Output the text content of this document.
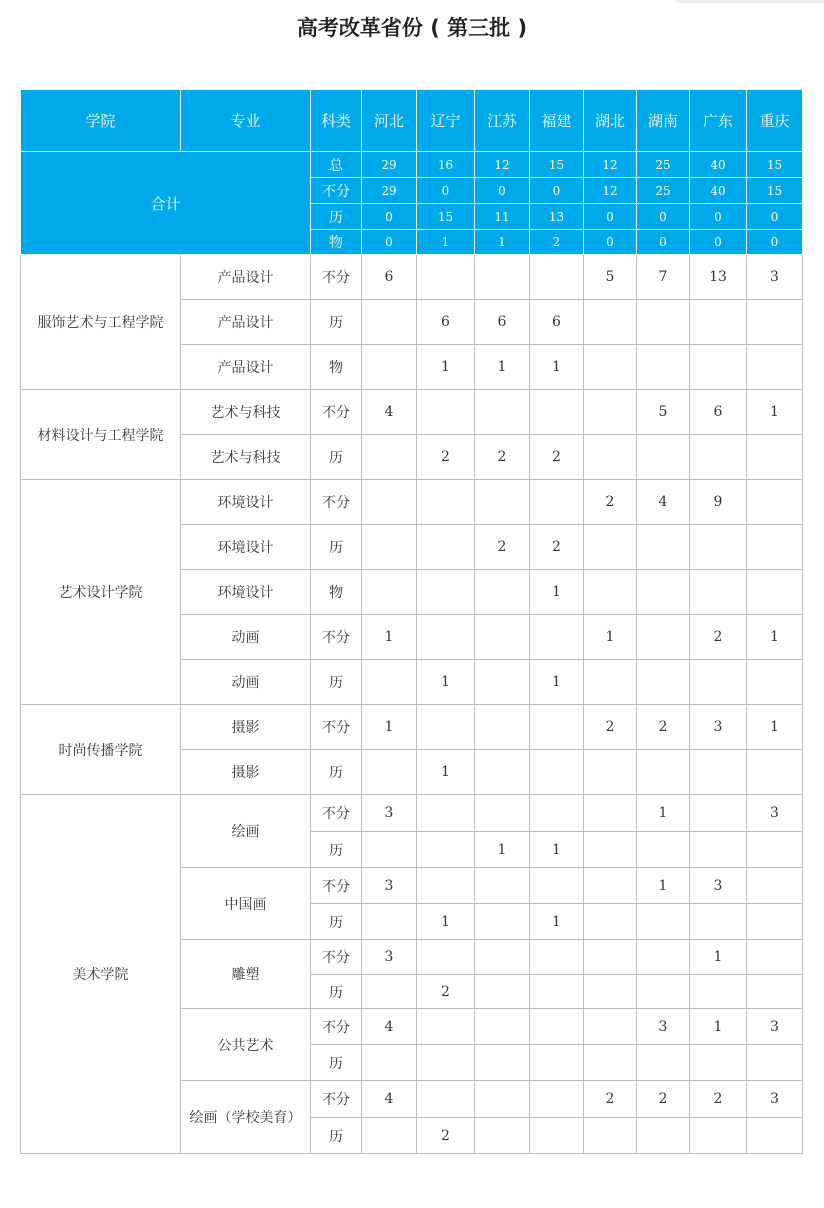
高考改革省份 ( 第三批 )
学院	专业	科类	河北	辽宁	江苏	福建	湖北	湖南	广东	重庆
合计		总	29	16	12	15	12	25	40	15
		不分	29	0	0	0	12	25	40	15
		历	0	15	11	13	0	0	0	0
		物	0	1	1	2	0	0	0	0
服饰艺术与工程学院	产品设计	不分	6				5	7	13	3
	产品设计	历		6	6	6				
	产品设计	物		1	1	1				
材料设计与工程学院	艺术与科技	不分	4					5	6	1
	艺术与科技	历		2	2	2				
艺术设计学院	环境设计	不分					2	4	9	
	环境设计	历			2	2				
	环境设计	物				1				
	动画	不分	1				1		2	1
	动画	历		1		1				
时尚传播学院	摄影	不分	1				2	2	3	1
	摄影	历		1						
美术学院	绘画	不分	3					1		3
		历			1	1				
	中国画	不分	3					1	3	
		历		1		1				
	雕塑	不分	3						1	
		历		2						
	公共艺术	不分	4					3	1	3
		历								
	绘画（学校美育）	不分	4				2	2	2	3
		历		2						
